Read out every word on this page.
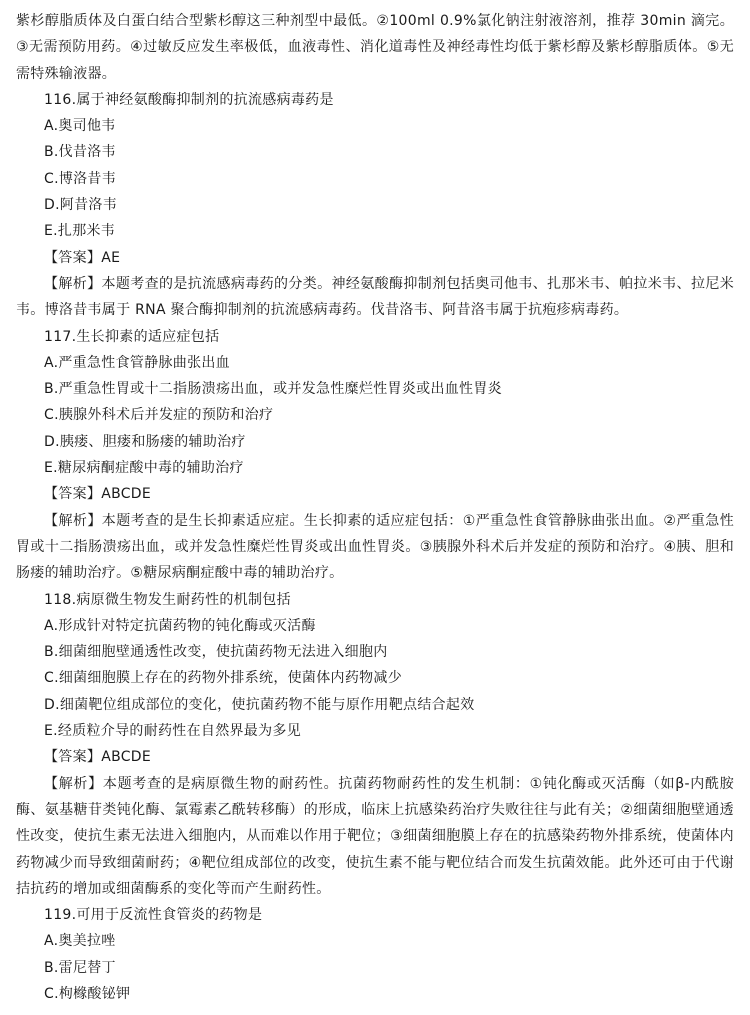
紫杉醇脂质体及白蛋白结合型紫杉醇这三种剂型中最低。②100ml 0.9%氯化钠注射液溶剂，推荐 30min 滴完。③无需预防用药。④过敏反应发生率极低，血液毒性、消化道毒性及神经毒性均低于紫杉醇及紫杉醇脂质体。⑤无需特殊输液器。

116.属于神经氨酸酶抑制剂的抗流感病毒药是

A.奥司他韦

B.伐昔洛韦

C.博洛昔韦

D.阿昔洛韦

E.扎那米韦

【答案】AE

【解析】本题考查的是抗流感病毒药的分类。神经氨酸酶抑制剂包括奥司他韦、扎那米韦、帕拉米韦、拉尼米韦。博洛昔韦属于 RNA 聚合酶抑制剂的抗流感病毒药。伐昔洛韦、阿昔洛韦属于抗疱疹病毒药。

117.生长抑素的适应症包括

A.严重急性食管静脉曲张出血

B.严重急性胃或十二指肠溃疡出血，或并发急性糜烂性胃炎或出血性胃炎

C.胰腺外科术后并发症的预防和治疗

D.胰瘘、胆瘘和肠瘘的辅助治疗

E.糖尿病酮症酸中毒的辅助治疗

【答案】ABCDE

【解析】本题考查的是生长抑素适应症。生长抑素的适应症包括：①严重急性食管静脉曲张出血。②严重急性胃或十二指肠溃疡出血，或并发急性糜烂性胃炎或出血性胃炎。③胰腺外科术后并发症的预防和治疗。④胰、胆和肠瘘的辅助治疗。⑤糖尿病酮症酸中毒的辅助治疗。

118.病原微生物发生耐药性的机制包括

A.形成针对特定抗菌药物的钝化酶或灭活酶

B.细菌细胞壁通透性改变，使抗菌药物无法进入细胞内

C.细菌细胞膜上存在的药物外排系统，使菌体内药物减少

D.细菌靶位组成部位的变化，使抗菌药物不能与原作用靶点结合起效

E.经质粒介导的耐药性在自然界最为多见

【答案】ABCDE

【解析】本题考查的是病原微生物的耐药性。抗菌药物耐药性的发生机制：①钝化酶或灭活酶（如β-内酰胺酶、氨基糖苷类钝化酶、氯霉素乙酰转移酶）的形成，临床上抗感染药治疗失败往往与此有关；②细菌细胞壁通透性改变，使抗生素无法进入细胞内，从而难以作用于靶位；③细菌细胞膜上存在的抗感染药物外排系统，使菌体内药物减少而导致细菌耐药；④靶位组成部位的改变，使抗生素不能与靶位结合而发生抗菌效能。此外还可由于代谢拮抗药的增加或细菌酶系的变化等而产生耐药性。

119.可用于反流性食管炎的药物是

A.奥美拉唑

B.雷尼替丁

C.枸橼酸铋钾
